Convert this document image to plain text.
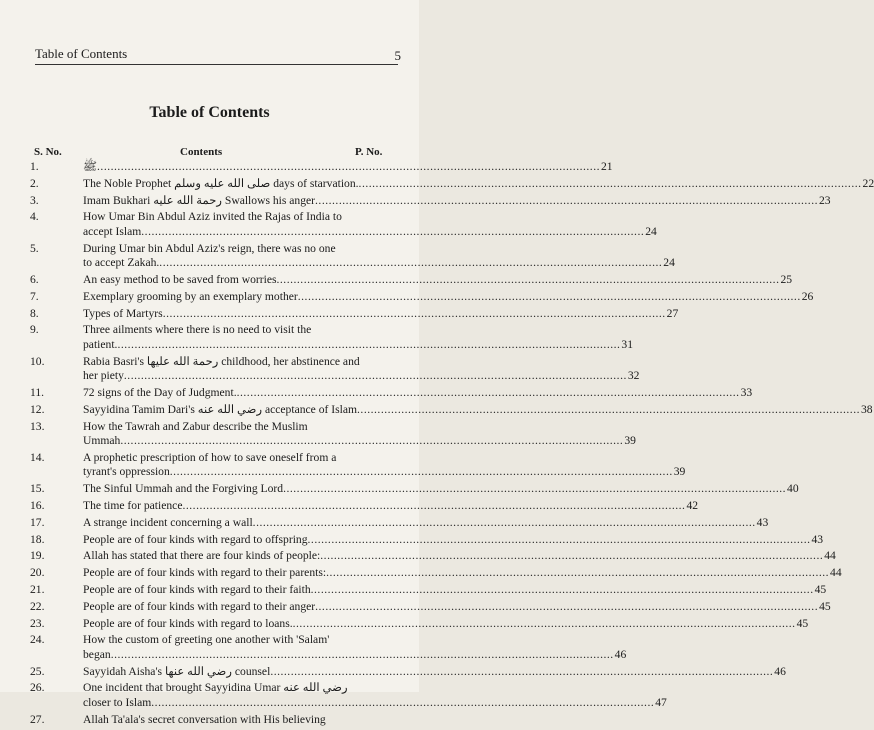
Table of Contents	5
Table of Contents
S. No.	Contents	P. No.
1.	ﷺ .....	21
2.	The Noble Prophet صلى الله عليه وسلم days of starvation. .....	22
3.	Imam Bukhari رحمة الله عليه Swallows his anger .....	23
4.	How Umar Bin Abdul Aziz invited the Rajas of India to
accept Islam .....	24
5.	During Umar bin Abdul Aziz's reign, there was no one
to accept Zakah. .....	24
6.	An easy method to be saved from worries .....	25
7.	Exemplary grooming by an exemplary mother .....	26
8.	Types of Martyrs .....	27
9.	Three ailments where there is no need to visit the
patient. .....	31
10.	Rabia Basri's رحمة الله عليها childhood, her abstinence and
her piety .....	32
11.	72 signs of the Day of Judgment. .....	33
12.	Sayyidina Tamim Dari's رضي الله عنه acceptance of Islam .....	38
13.	How the Tawrah and Zabur describe the Muslim
Ummah .....	39
14.	A prophetic prescription of how to save oneself from a
tyrant's oppression .....	39
15.	The Sinful Ummah and the Forgiving Lord .....	40
16.	The time for patience .....	42
17.	A strange incident concerning a wall .....	43
18.	People are of four kinds with regard to offspring .....	43
19.	Allah has stated that there are four kinds of people: .....	44
20.	People are of four kinds with regard to their parents: .....	44
21.	People are of four kinds with regard to their faith .....	45
22.	People are of four kinds with regard to their anger .....	45
23.	People are of four kinds with regard to loans. .....	45
24.	How the custom of greeting one another with 'Salam'
began .....	46
25.	Sayyidah Aisha's رضي الله عنها counsel .....	46
26.	One incident that brought Sayyidina Umar رضي الله عنه
closer to Islam .....	47
27.	Allah Ta'ala's secret conversation with His believing
